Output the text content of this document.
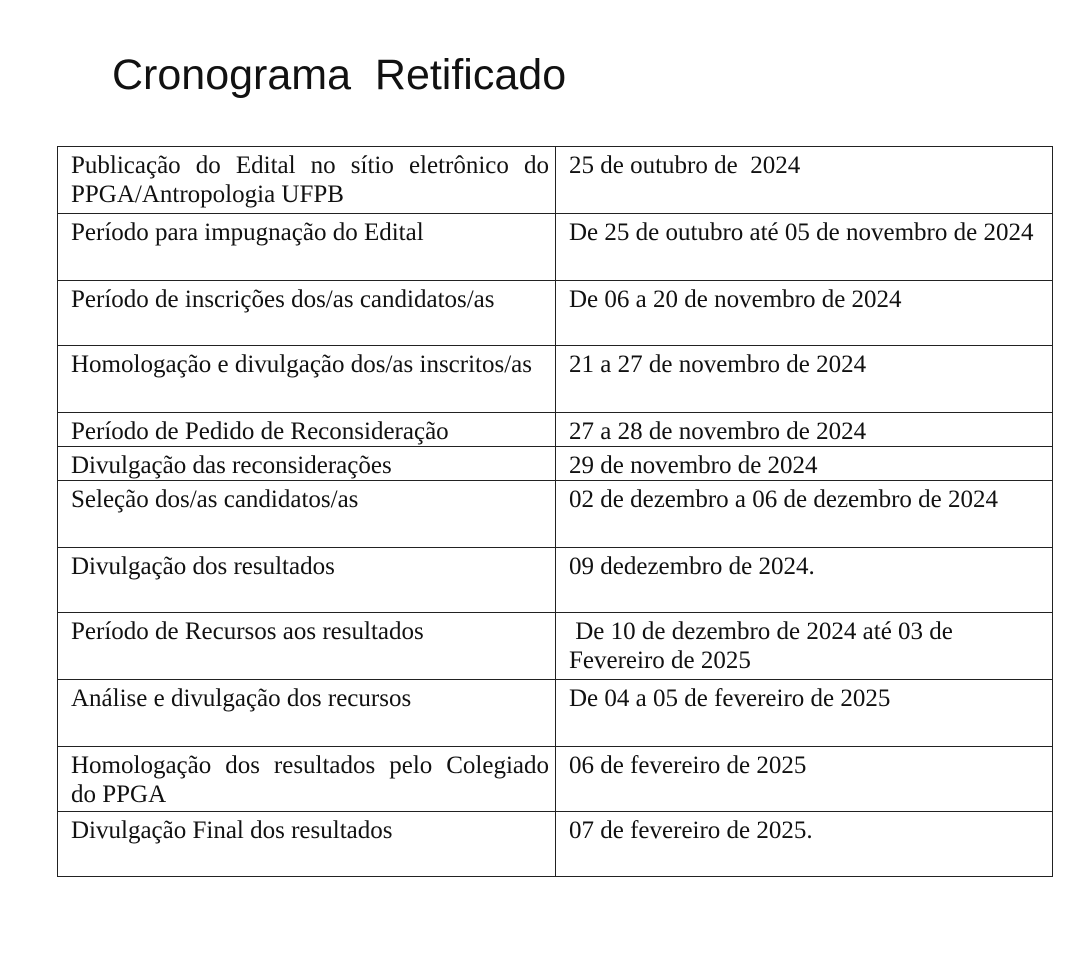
Cronograma  Retificado
Publicação do Edital no sítio eletrônico do PPGA/Antropologia UFPB	25 de outubro de  2024
Período para impugnação do Edital	De 25 de outubro até 05 de novembro de 2024
Período de inscrições dos/as candidatos/as	De 06 a 20 de novembro de 2024
Homologação e divulgação dos/as inscritos/as	21 a 27 de novembro de 2024
Período de Pedido de Reconsideração	27 a 28 de novembro de 2024
Divulgação das reconsiderações	29 de novembro de 2024
Seleção dos/as candidatos/as	02 de dezembro a 06 de dezembro de 2024
Divulgação dos resultados	09 dedezembro de 2024.
Período de Recursos aos resultados	De 10 de dezembro de 2024 até 03 de Fevereiro de 2025
Análise e divulgação dos recursos	De 04 a 05 de fevereiro de 2025
Homologação dos resultados pelo Colegiado do PPGA	06 de fevereiro de 2025
Divulgação Final dos resultados	07 de fevereiro de 2025.
